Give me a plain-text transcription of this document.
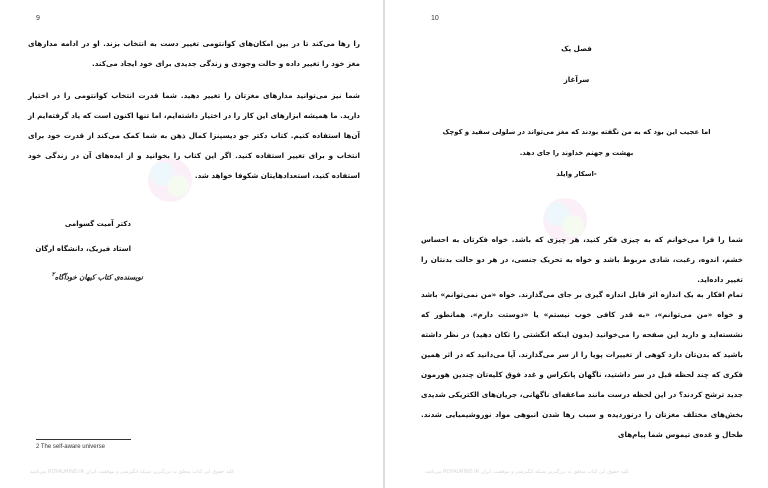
9
را رها می‌کند تا در بین امکان‌های کوانتومی تغییر دست به انتخاب بزند. او در ادامه مدارهای مغز خود را تغییر داده و حالت وجودی و زندگی جدیدی برای خود ایجاد می‌کند.
شما نیز می‌توانید مدارهای مغزتان را تغییر دهید. شما قدرت انتخاب کوانتومی را در اختیار دارید. ما همیشه ابزارهای این کار را در اختیار داشته‌ایم، اما تنها اکنون است که یاد گرفته‌ایم از آن‌ها استفاده کنیم. کتاب دکتر جو دیسپنزا کمال ذهن به شما کمک می‌کند از قدرت خود برای انتخاب و برای تغییر استفاده کنید. اگر این کتاب را بخوانید و از ایده‌های آن در زندگی خود استفاده کنید، استعدادهایتان شکوفا خواهد شد.
دکتر آمیت گسوامی
استاد فیزیک، دانشگاه ارگان
نویسنده‌ی کتاب کیهان خودآگاه$^۲$
2 The self-aware universe
کلیه حقوق این کتاب متعلق به بزرگترین شبکه انگیزشی و موفقیت ایران ROYALMIND.IR می‌باشد
10
فصل یک
سرآغاز
اما عجیب این بود که به من نگفته بودند که مغز می‌تواند در سلولی سفید و کوچک
بهشت و جهنم خداوند را جای دهد.
-اسکار وایلد
شما را فرا می‌خوانم که به چیزی فکر کنید، هر چیزی که باشد. خواه فکرتان به احساس خشم، اندوه، رغبت، شادی مربوط باشد و خواه به تحریک جنسی، در هر دو حالت بدنتان را تغییر داده‌اید.
تمام افکار به یک اندازه اثر قابل اندازه گیری بر جای می‌گذارند. خواه «من نمی‌توانم» باشد و خواه «من می‌توانم»، «به قدر کافی خوب نیستم» یا «دوستت دارم». همانطور که نشسته‌اید و دارید این صفحه را می‌خوانید (بدون اینکه انگشتی را تکان دهید) در نظر داشته باشید که بدن‌تان دارد کوهی از تغییرات پویا را از سر می‌گذارند. آیا می‌دانید که در اثر همین فکری که چند لحظه قبل در سر داشتید، ناگهان پانکراس و غدد فوق کلیه‌تان چندین هورمون جدید ترشح کردند؟ در این لحظه درست مانند صاعقه‌ای ناگهانی، جریان‌های الکتریکی شدیدی بخش‌های مختلف مغزتان را درنوردیده و سبب رها شدن انبوهی مواد نوروشیمیایی شدند. طحال و غده‌ی تیموس شما پیام‌های
کلیه حقوق این کتاب متعلق به بزرگترین شبکه انگیزشی و موفقیت ایران ROYALMIND.IR می‌باشد
